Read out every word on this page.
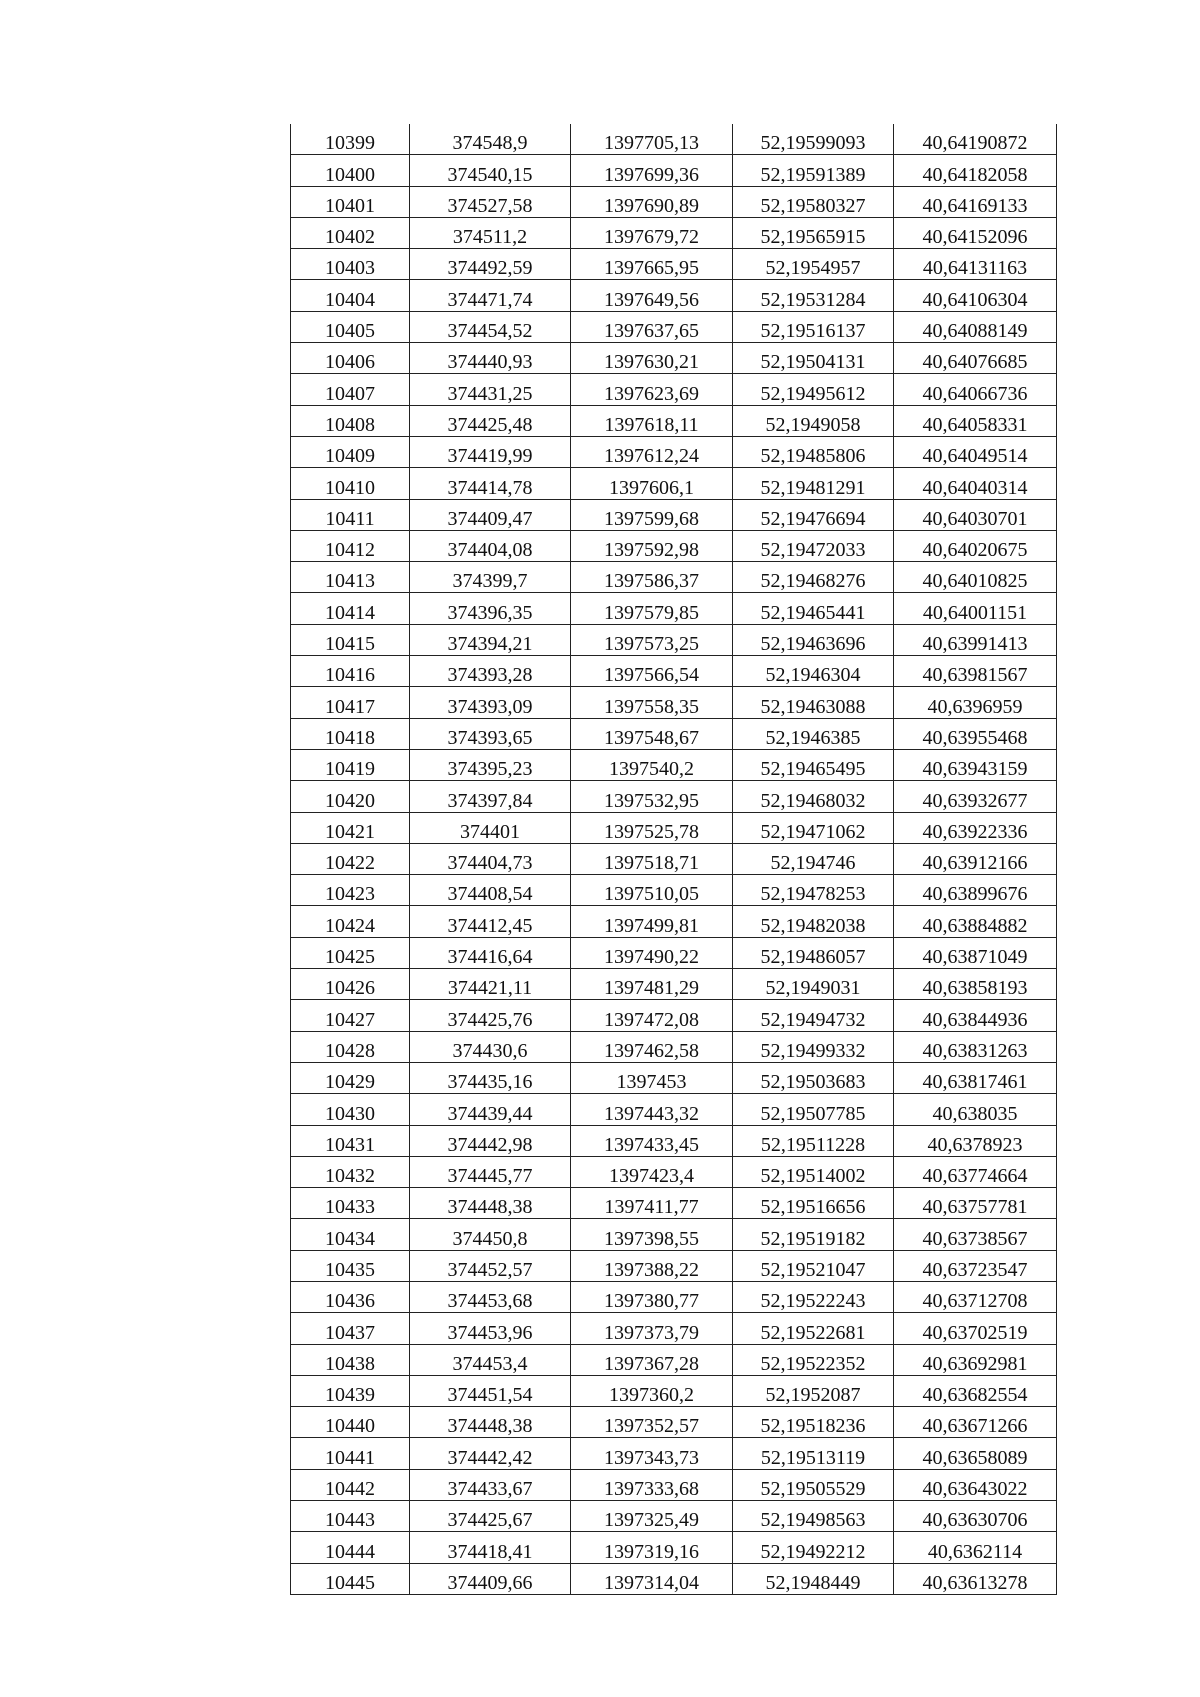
10399	374548,9	1397705,13	52,19599093	40,64190872
10400	374540,15	1397699,36	52,19591389	40,64182058
10401	374527,58	1397690,89	52,19580327	40,64169133
10402	374511,2	1397679,72	52,19565915	40,64152096
10403	374492,59	1397665,95	52,1954957	40,64131163
10404	374471,74	1397649,56	52,19531284	40,64106304
10405	374454,52	1397637,65	52,19516137	40,64088149
10406	374440,93	1397630,21	52,19504131	40,64076685
10407	374431,25	1397623,69	52,19495612	40,64066736
10408	374425,48	1397618,11	52,1949058	40,64058331
10409	374419,99	1397612,24	52,19485806	40,64049514
10410	374414,78	1397606,1	52,19481291	40,64040314
10411	374409,47	1397599,68	52,19476694	40,64030701
10412	374404,08	1397592,98	52,19472033	40,64020675
10413	374399,7	1397586,37	52,19468276	40,64010825
10414	374396,35	1397579,85	52,19465441	40,64001151
10415	374394,21	1397573,25	52,19463696	40,63991413
10416	374393,28	1397566,54	52,1946304	40,63981567
10417	374393,09	1397558,35	52,19463088	40,6396959
10418	374393,65	1397548,67	52,1946385	40,63955468
10419	374395,23	1397540,2	52,19465495	40,63943159
10420	374397,84	1397532,95	52,19468032	40,63932677
10421	374401	1397525,78	52,19471062	40,63922336
10422	374404,73	1397518,71	52,194746	40,63912166
10423	374408,54	1397510,05	52,19478253	40,63899676
10424	374412,45	1397499,81	52,19482038	40,63884882
10425	374416,64	1397490,22	52,19486057	40,63871049
10426	374421,11	1397481,29	52,1949031	40,63858193
10427	374425,76	1397472,08	52,19494732	40,63844936
10428	374430,6	1397462,58	52,19499332	40,63831263
10429	374435,16	1397453	52,19503683	40,63817461
10430	374439,44	1397443,32	52,19507785	40,638035
10431	374442,98	1397433,45	52,19511228	40,6378923
10432	374445,77	1397423,4	52,19514002	40,63774664
10433	374448,38	1397411,77	52,19516656	40,63757781
10434	374450,8	1397398,55	52,19519182	40,63738567
10435	374452,57	1397388,22	52,19521047	40,63723547
10436	374453,68	1397380,77	52,19522243	40,63712708
10437	374453,96	1397373,79	52,19522681	40,63702519
10438	374453,4	1397367,28	52,19522352	40,63692981
10439	374451,54	1397360,2	52,1952087	40,63682554
10440	374448,38	1397352,57	52,19518236	40,63671266
10441	374442,42	1397343,73	52,19513119	40,63658089
10442	374433,67	1397333,68	52,19505529	40,63643022
10443	374425,67	1397325,49	52,19498563	40,63630706
10444	374418,41	1397319,16	52,19492212	40,6362114
10445	374409,66	1397314,04	52,1948449	40,63613278
